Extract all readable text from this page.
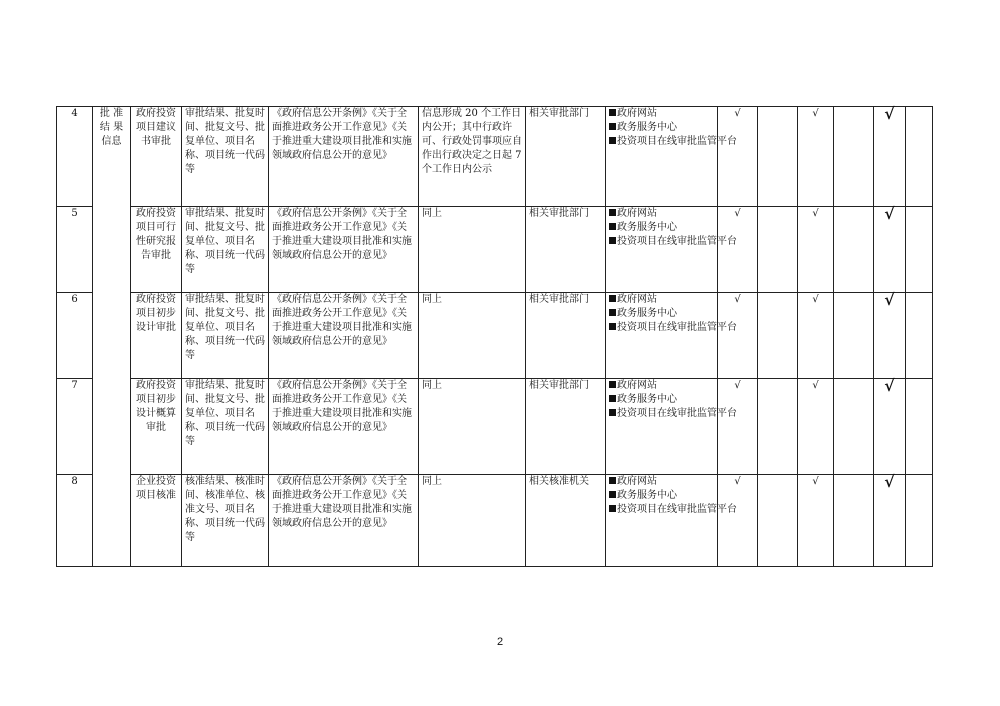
4	批 准 结 果 信息	政府投资项目建议书审批	审批结果、批复时间、批复文号、批复单位、项目名称、项目统一代码等	《政府信息公开条例》《关于全面推进政务公开工作意见》《关于推进重大建设项目批准和实施领域政府信息公开的意见》	信息形成 20 个工作日内公开；其中行政许可、行政处罚事项应自作出行政决定之日起 7 个工作日内公示	相关审批部门	政府网站
政务服务中心
投资项目在线审批监管平台	√		√		√	
5		政府投资项目可行性研究报告审批	审批结果、批复时间、批复文号、批复单位、项目名称、项目统一代码等	《政府信息公开条例》《关于全面推进政务公开工作意见》《关于推进重大建设项目批准和实施领域政府信息公开的意见》	同上	相关审批部门	政府网站
政务服务中心
投资项目在线审批监管平台	√		√		√	
6		政府投资项目初步设计审批	审批结果、批复时间、批复文号、批复单位、项目名称、项目统一代码等	《政府信息公开条例》《关于全面推进政务公开工作意见》《关于推进重大建设项目批准和实施领域政府信息公开的意见》	同上	相关审批部门	政府网站
政务服务中心
投资项目在线审批监管平台	√		√		√	
7		政府投资项目初步设计概算审批	审批结果、批复时间、批复文号、批复单位、项目名称、项目统一代码等	《政府信息公开条例》《关于全面推进政务公开工作意见》《关于推进重大建设项目批准和实施领域政府信息公开的意见》	同上	相关审批部门	政府网站
政务服务中心
投资项目在线审批监管平台	√		√		√	
8		企业投资项目核准	核准结果、核准时间、核准单位、核准文号、项目名称、项目统一代码等	《政府信息公开条例》《关于全面推进政务公开工作意见》《关于推进重大建设项目批准和实施领域政府信息公开的意见》	同上	相关核准机关	政府网站
政务服务中心
投资项目在线审批监管平台	√		√		√	
2
